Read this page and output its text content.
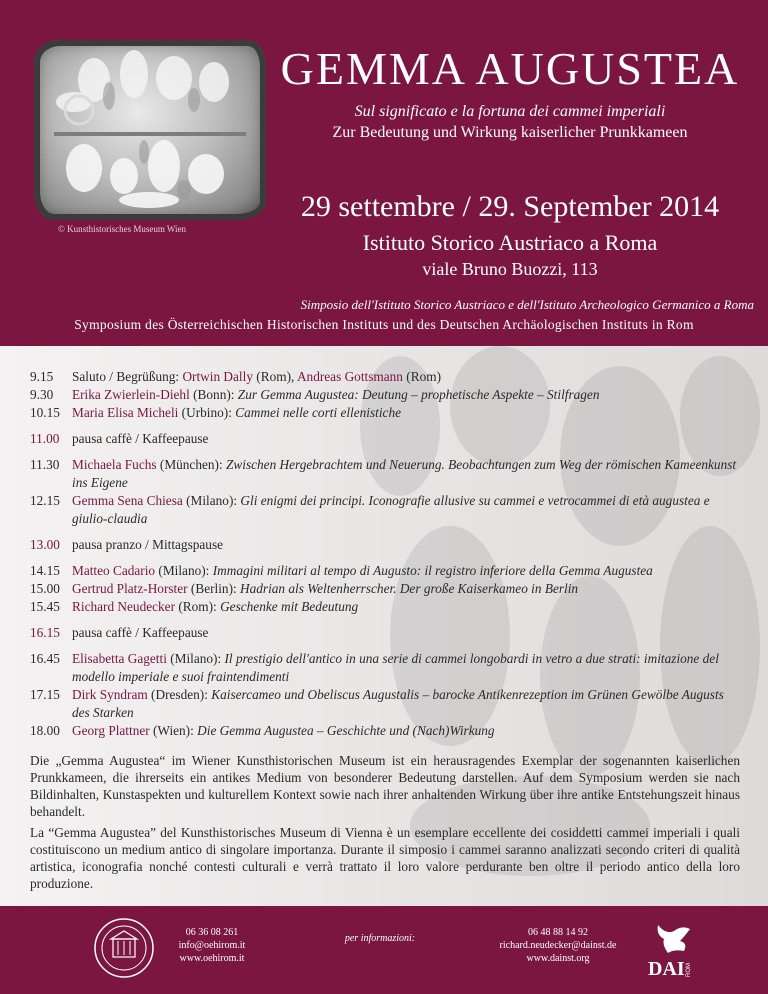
© Kunsthistorisches Museum Wien
GEMMA AUGUSTEA
Sul significato e la fortuna dei cammei imperiali
Zur Bedeutung und Wirkung kaiserlicher Prunkkameen
29 settembre / 29. September 2014
Istituto Storico Austriaco a Roma
viale Bruno Buozzi, 113
Simposio dell'Istituto Storico Austriaco e dell'Istituto Archeologico Germanico a Roma
Symposium des Österreichischen Historischen Instituts und des Deutschen Archäologischen Instituts in Rom
9.15	Saluto / Begrüßung: Ortwin Dally (Rom), Andreas Gottsmann (Rom)
9.30	Erika Zwierlein-Diehl (Bonn): Zur Gemma Augustea: Deutung – prophetische Aspekte – Stilfragen
10.15 Maria Elisa Micheli (Urbino): Cammei nelle corti ellenistiche
11.00 pausa caffè / Kaffeepause
11.30 Michaela Fuchs (München): Zwischen Hergebrachtem und Neuerung. Beobachtungen zum Weg der römischen Kameenkunst ins Eigene
12.15 Gemma Sena Chiesa (Milano): Gli enigmi dei principi. Iconografie allusive su cammei e vetrocammei di età augustea e giulio-claudia
13.00 pausa pranzo / Mittagspause
14.15 Matteo Cadario (Milano): Immagini militari al tempo di Augusto: il registro inferiore della Gemma Augustea
15.00 Gertrud Platz-Horster (Berlin): Hadrian als Weltenherrscher. Der große Kaiserkameo in Berlin
15.45 Richard Neudecker (Rom): Geschenke mit Bedeutung
16.15 pausa caffè / Kaffeepause
16.45 Elisabetta Gagetti (Milano): Il prestigio dell'antico in una serie di cammei longobardi in vetro a due strati: imitazione del modello imperiale e suoi fraintendimenti
17.15 Dirk Syndram (Dresden): Kaisercameo und Obeliscus Augustalis – barocke Antikenrezeption im Grünen Gewölbe Augusts des Starken
18.00 Georg Plattner (Wien): Die Gemma Augustea – Geschichte und (Nach)Wirkung

Die „Gemma Augustea“ im Wiener Kunsthistorischen Museum ist ein herausragendes Exemplar der sogenannten kaiserlichen Prunkkameen, die ihrerseits ein antikes Medium von besonderer Bedeutung darstellen. Auf dem Symposium werden sie nach Bildinhalten, Kunstaspekten und kulturellem Kontext sowie nach ihrer anhaltenden Wirkung über ihre antike Entstehungszeit hinaus behandelt.

La “Gemma Augustea” del Kunsthistorisches Museum di Vienna è un esemplare eccellente dei cosiddetti cammei imperiali i quali costituiscono un medium antico di singolare importanza. Durante il simposio i cammei saranno analizzati secondo criteri di qualità artistica, iconografia nonché contesti culturali e verrà trattato il loro valore perdurante ben oltre il periodo antico della loro produzione.

06 36 08 261
info@oehirom.it
www.oehirom.it
per informazioni:
06 48 88 14 92
richard.neudecker@dainst.de
www.dainst.org	DAI ROM
